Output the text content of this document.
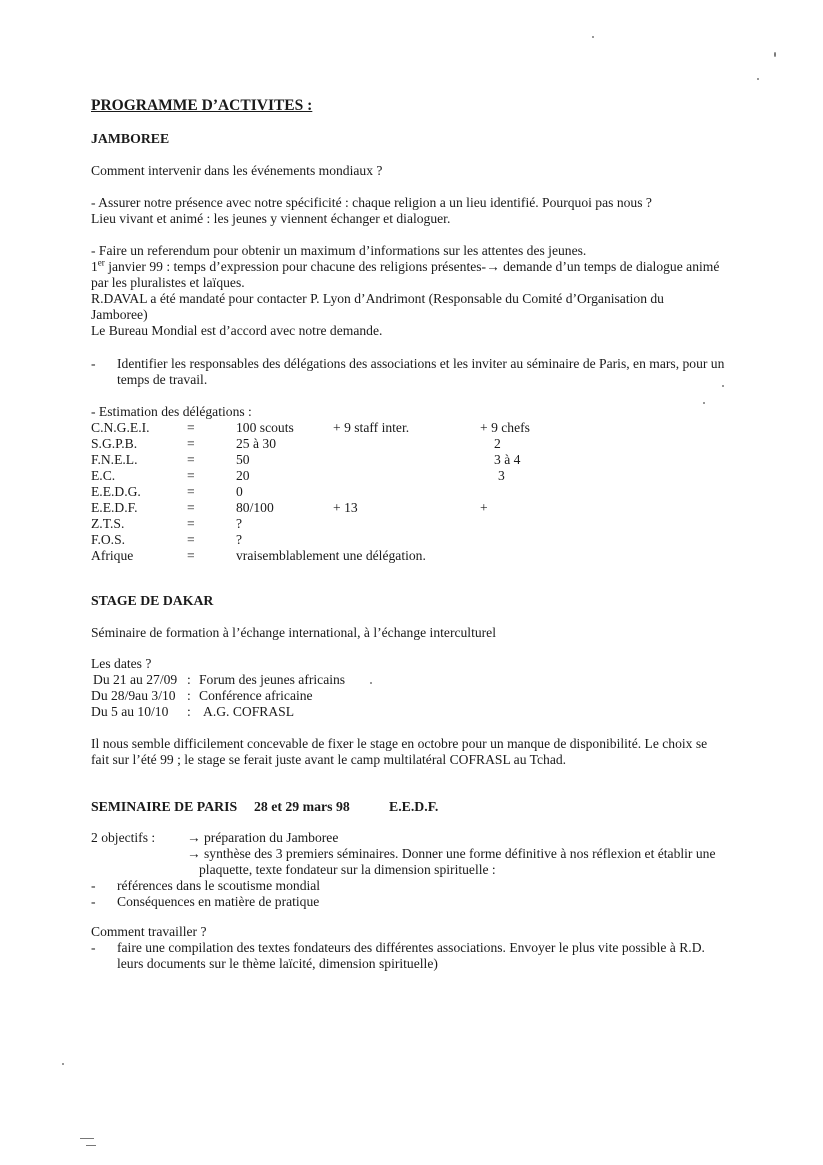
PROGRAMME D’ACTIVITES :
JAMBOREE
Comment intervenir dans les événements mondiaux ?
- Assurer notre présence avec notre spécificité : chaque religion a un lieu identifié. Pourquoi pas nous ?
Lieu vivant et animé : les jeunes y viennent échanger et dialoguer.
- Faire un referendum pour obtenir un maximum d’informations sur les attentes des jeunes.
1er janvier 99 : temps d’expression pour chacune des religions présentes-→ demande d’un temps de dialogue animé
par les pluralistes et laïques.
R.DAVAL a été mandaté pour contacter P. Lyon d’Andrimont (Responsable du Comité d’Organisation du
Jamboree)
Le Bureau Mondial est d’accord avec notre demande.
- Identifier les responsables des délégations des associations et les inviter au séminaire de Paris, en mars, pour un
temps de travail.
- Estimation des délégations :
C.N.G.E.I.	=	100 scouts	+ 9 staff inter.	+ 9 chefs
S.G.P.B.	=	25 à 30	2
F.N.E.L.	=	50	3 à 4
E.C.	=	20	3
E.E.D.G.	=	0
E.E.D.F.	=	80/100	+ 13	+
Z.T.S.	=	?
F.O.S.	=	?
Afrique	=	vraisemblablement une délégation.
STAGE DE DAKAR
Séminaire de formation à l’échange international, à l’échange interculturel
Les dates ?
Du 21 au 27/09 : Forum des jeunes africains
Du 28/9au 3/10 : Conférence africaine
Du 5 au 10/10 : A.G. COFRASL
Il nous semble difficilement concevable de fixer le stage en octobre pour un manque de disponibilité. Le choix se
fait sur l’été 99 ; le stage se ferait juste avant le camp multilatéral COFRASL au Tchad.
SEMINAIRE DE PARIS 28 et 29 mars 98	E.E.D.F.
2 objectifs : → préparation du Jamboree
→ synthèse des 3 premiers séminaires. Donner une forme définitive à nos réflexion et établir une
plaquette, texte fondateur sur la dimension spirituelle :
- références dans le scoutisme mondial
- Conséquences en matière de pratique
Comment travailler ?
- faire une compilation des textes fondateurs des différentes associations. Envoyer le plus vite possible à R.D.
leurs documents sur le thème laïcité, dimension spirituelle)
